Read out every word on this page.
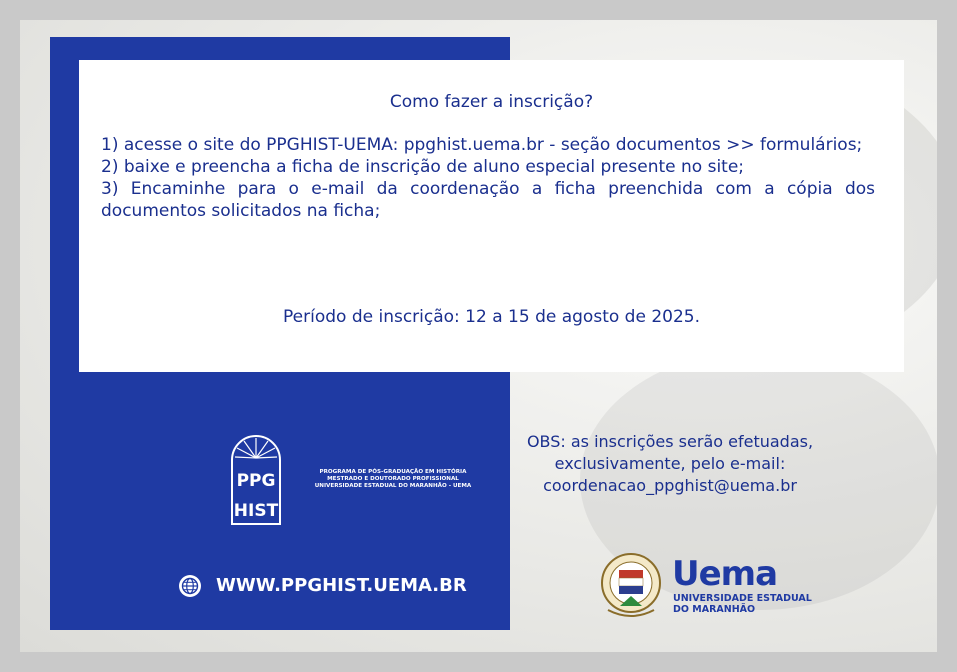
Como fazer a inscrição?

1) acesse o site do PPGHIST-UEMA: ppghist.uema.br - seção documentos >> formulários;

2) baixe e preencha a ficha de inscrição de aluno especial presente no site;

3) Encaminhe para o e-mail da coordenação a ficha preenchida com a cópia dos documentos solicitados na ficha;

Período de inscrição: 12 a 15 de agosto de 2025.
PPG
HIST
PROGRAMA DE PÓS-GRADUAÇÃO EM HISTÓRIA
MESTRADO E DOUTORADO PROFISSIONAL
UNIVERSIDADE ESTADUAL DO MARANHÃO - UEMA
WWW.PPGHIST.UEMA.BR
OBS: as inscrições serão efetuadas,
exclusivamente, pelo e-mail:
coordenacao_ppghist@uema.br
Uema
UNIVERSIDADE ESTADUAL
DO MARANHÃO
